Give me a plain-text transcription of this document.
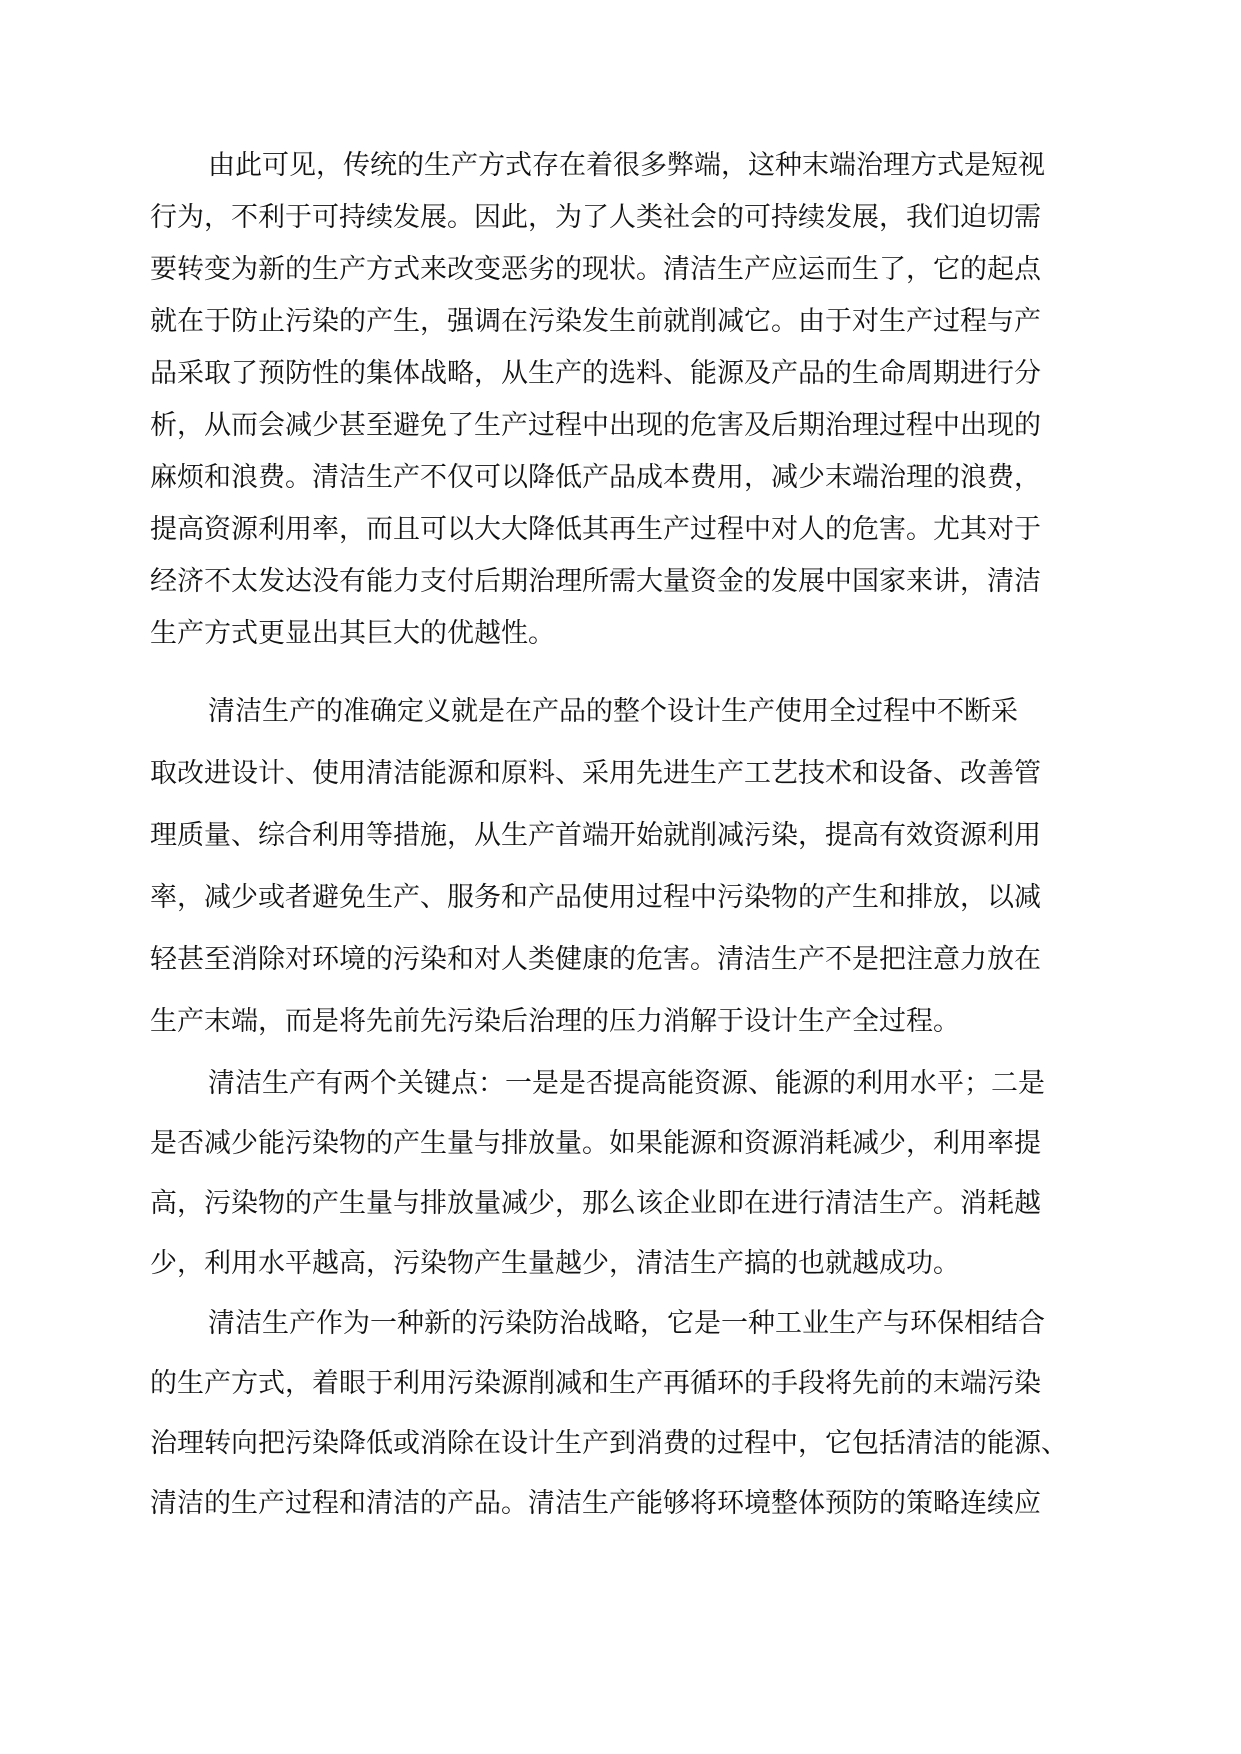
由此可见，传统的生产方式存在着很多弊端，这种末端治理方式是短视
行为，不利于可持续发展。因此，为了人类社会的可持续发展，我们迫切需
要转变为新的生产方式来改变恶劣的现状。清洁生产应运而生了，它的起点
就在于防止污染的产生，强调在污染发生前就削减它。由于对生产过程与产
品采取了预防性的集体战略，从生产的选料、能源及产品的生命周期进行分
析，从而会减少甚至避免了生产过程中出现的危害及后期治理过程中出现的
麻烦和浪费。清洁生产不仅可以降低产品成本费用，减少末端治理的浪费，
提高资源利用率，而且可以大大降低其再生产过程中对人的危害。尤其对于
经济不太发达没有能力支付后期治理所需大量资金的发展中国家来讲，清洁
生产方式更显出其巨大的优越性。
清洁生产的准确定义就是在产品的整个设计生产使用全过程中不断采
取改进设计、使用清洁能源和原料、采用先进生产工艺技术和设备、改善管
理质量、综合利用等措施，从生产首端开始就削减污染，提高有效资源利用
率，减少或者避免生产、服务和产品使用过程中污染物的产生和排放，以减
轻甚至消除对环境的污染和对人类健康的危害。清洁生产不是把注意力放在
生产末端，而是将先前先污染后治理的压力消解于设计生产全过程。
清洁生产有两个关键点：一是是否提高能资源、能源的利用水平；二是
是否减少能污染物的产生量与排放量。如果能源和资源消耗减少，利用率提
高，污染物的产生量与排放量减少，那么该企业即在进行清洁生产。消耗越
少，利用水平越高，污染物产生量越少，清洁生产搞的也就越成功。
清洁生产作为一种新的污染防治战略，它是一种工业生产与环保相结合
的生产方式，着眼于利用污染源削减和生产再循环的手段将先前的末端污染
治理转向把污染降低或消除在设计生产到消费的过程中，它包括清洁的能源、
清洁的生产过程和清洁的产品。清洁生产能够将环境整体预防的策略连续应
